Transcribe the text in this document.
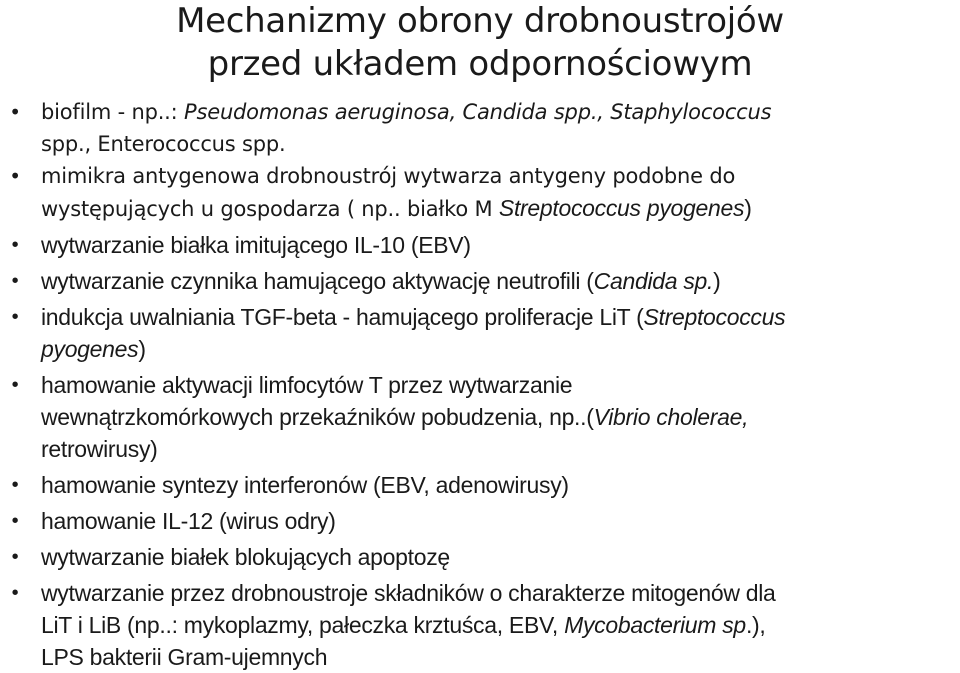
Mechanizmy obrony drobnoustrojów
przed układem odpornościowym
• biofilm - np..: Pseudomonas aeruginosa, Candida spp., Staphylococcus
spp., Enterococcus spp.
• mimikra antygenowa drobnoustrój wytwarza antygeny podobne do
występujących u gospodarza ( np.. białko M Streptococcus pyogenes)
• wytwarzanie białka imitującego IL-10 (EBV)
• wytwarzanie czynnika hamującego aktywację neutrofili (Candida sp.)
• indukcja uwalniania TGF-beta - hamującego proliferacje LiT (Streptococcus
pyogenes)
• hamowanie aktywacji limfocytów T przez wytwarzanie
wewnątrzkomórkowych przekaźników pobudzenia, np..(Vibrio cholerae,
retrowirusy)
• hamowanie syntezy interferonów (EBV, adenowirusy)
• hamowanie IL-12 (wirus odry)
• wytwarzanie białek blokujących apoptozę
• wytwarzanie przez drobnoustroje składników o charakterze mitogenów dla
LiT i LiB (np..: mykoplazmy, pałeczka krztuśca, EBV, Mycobacterium sp.),
LPS bakterii Gram-ujemnych
